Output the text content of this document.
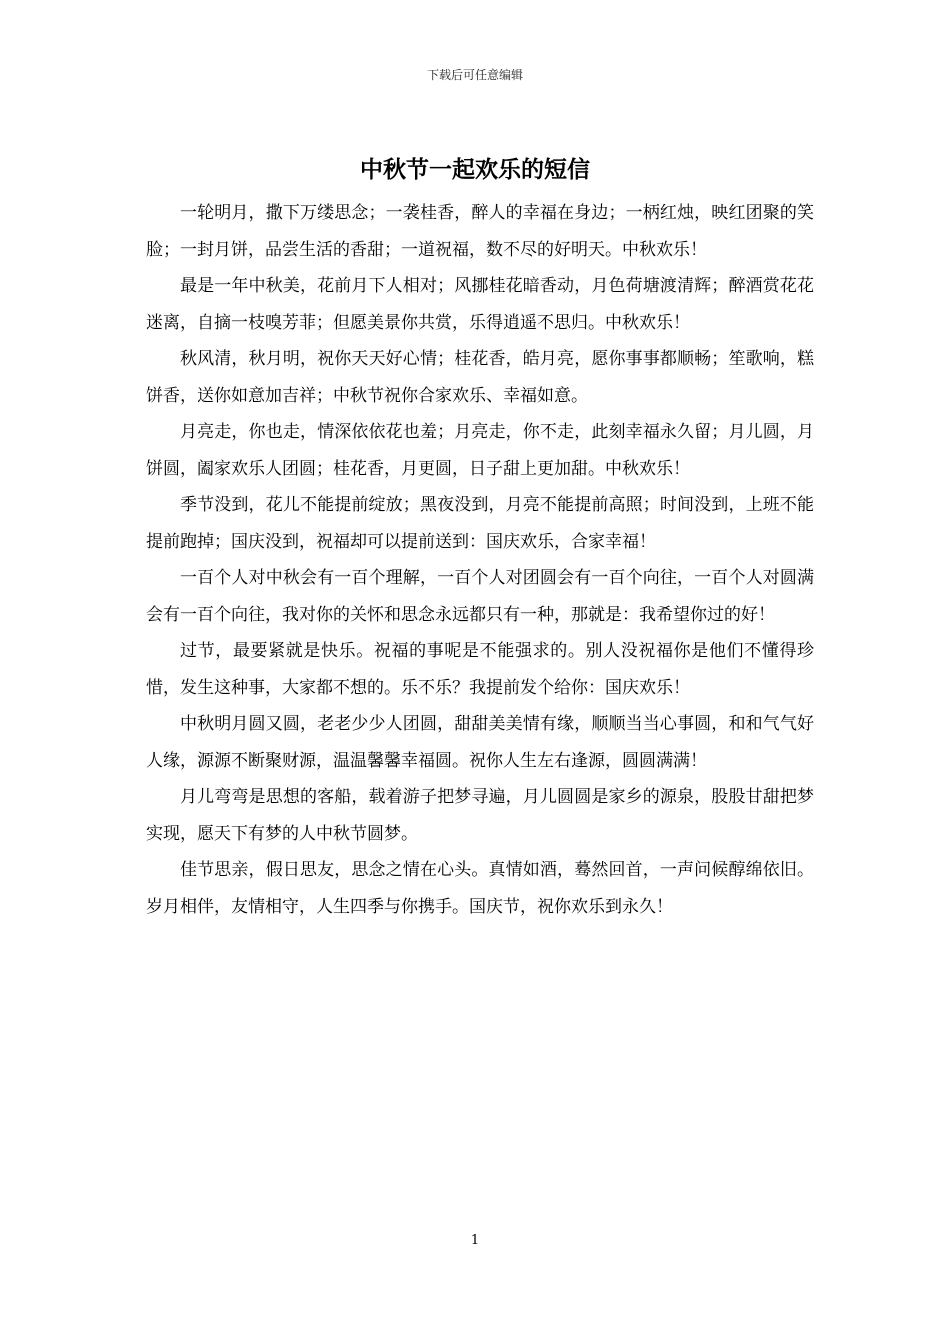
下载后可任意编辑
中秋节一起欢乐的短信

一轮明月，撒下万缕思念；一袭桂香，醉人的幸福在身边；一柄红烛，映红团聚的笑脸；一封月饼，品尝生活的香甜；一道祝福，数不尽的好明天。中秋欢乐！

最是一年中秋美，花前月下人相对；风挪桂花暗香动，月色荷塘渡清辉；醉酒赏花花迷离，自摘一枝嗅芳菲；但愿美景你共赏，乐得逍遥不思归。中秋欢乐！

秋风清，秋月明，祝你天天好心情；桂花香，皓月亮，愿你事事都顺畅；笙歌响，糕饼香，送你如意加吉祥；中秋节祝你合家欢乐、幸福如意。

月亮走，你也走，情深依依花也羞；月亮走，你不走，此刻幸福永久留；月儿圆，月饼圆，阖家欢乐人团圆；桂花香，月更圆，日子甜上更加甜。中秋欢乐！

季节没到，花儿不能提前绽放；黑夜没到，月亮不能提前高照；时间没到，上班不能提前跑掉；国庆没到，祝福却可以提前送到：国庆欢乐，合家幸福！

一百个人对中秋会有一百个理解，一百个人对团圆会有一百个向往，一百个人对圆满会有一百个向往，我对你的关怀和思念永远都只有一种，那就是：我希望你过的好！

过节，最要紧就是快乐。祝福的事呢是不能强求的。别人没祝福你是他们不懂得珍惜，发生这种事，大家都不想的。乐不乐？我提前发个给你：国庆欢乐！

中秋明月圆又圆，老老少少人团圆，甜甜美美情有缘，顺顺当当心事圆，和和气气好人缘，源源不断聚财源，温温馨馨幸福圆。祝你人生左右逢源，圆圆满满！

月儿弯弯是思想的客船，载着游子把梦寻遍，月儿圆圆是家乡的源泉，股股甘甜把梦实现，愿天下有梦的人中秋节圆梦。

佳节思亲，假日思友，思念之情在心头。真情如酒，蓦然回首，一声问候醇绵依旧。岁月相伴，友情相守，人生四季与你携手。国庆节，祝你欢乐到永久！

1
